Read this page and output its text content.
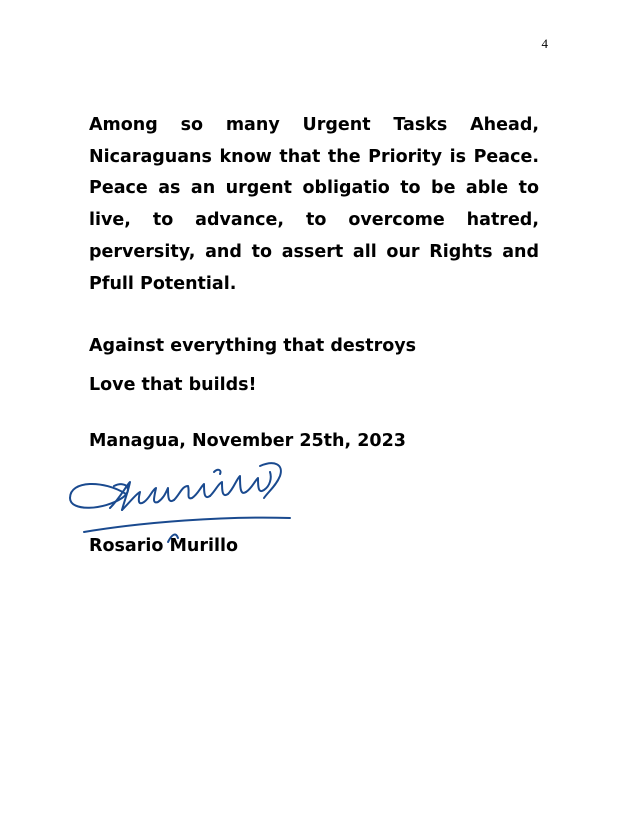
4

Among so many Urgent Tasks Ahead, Nicaraguans know that the Priority is Peace. Peace as an urgent obligatio to be able to live, to advance, to overcome hatred, perversity, and to assert all our Rights and Pfull Potential.

Against everything that destroys
Love that builds!
Managua, November 25th, 2023
Rosario Murillo
